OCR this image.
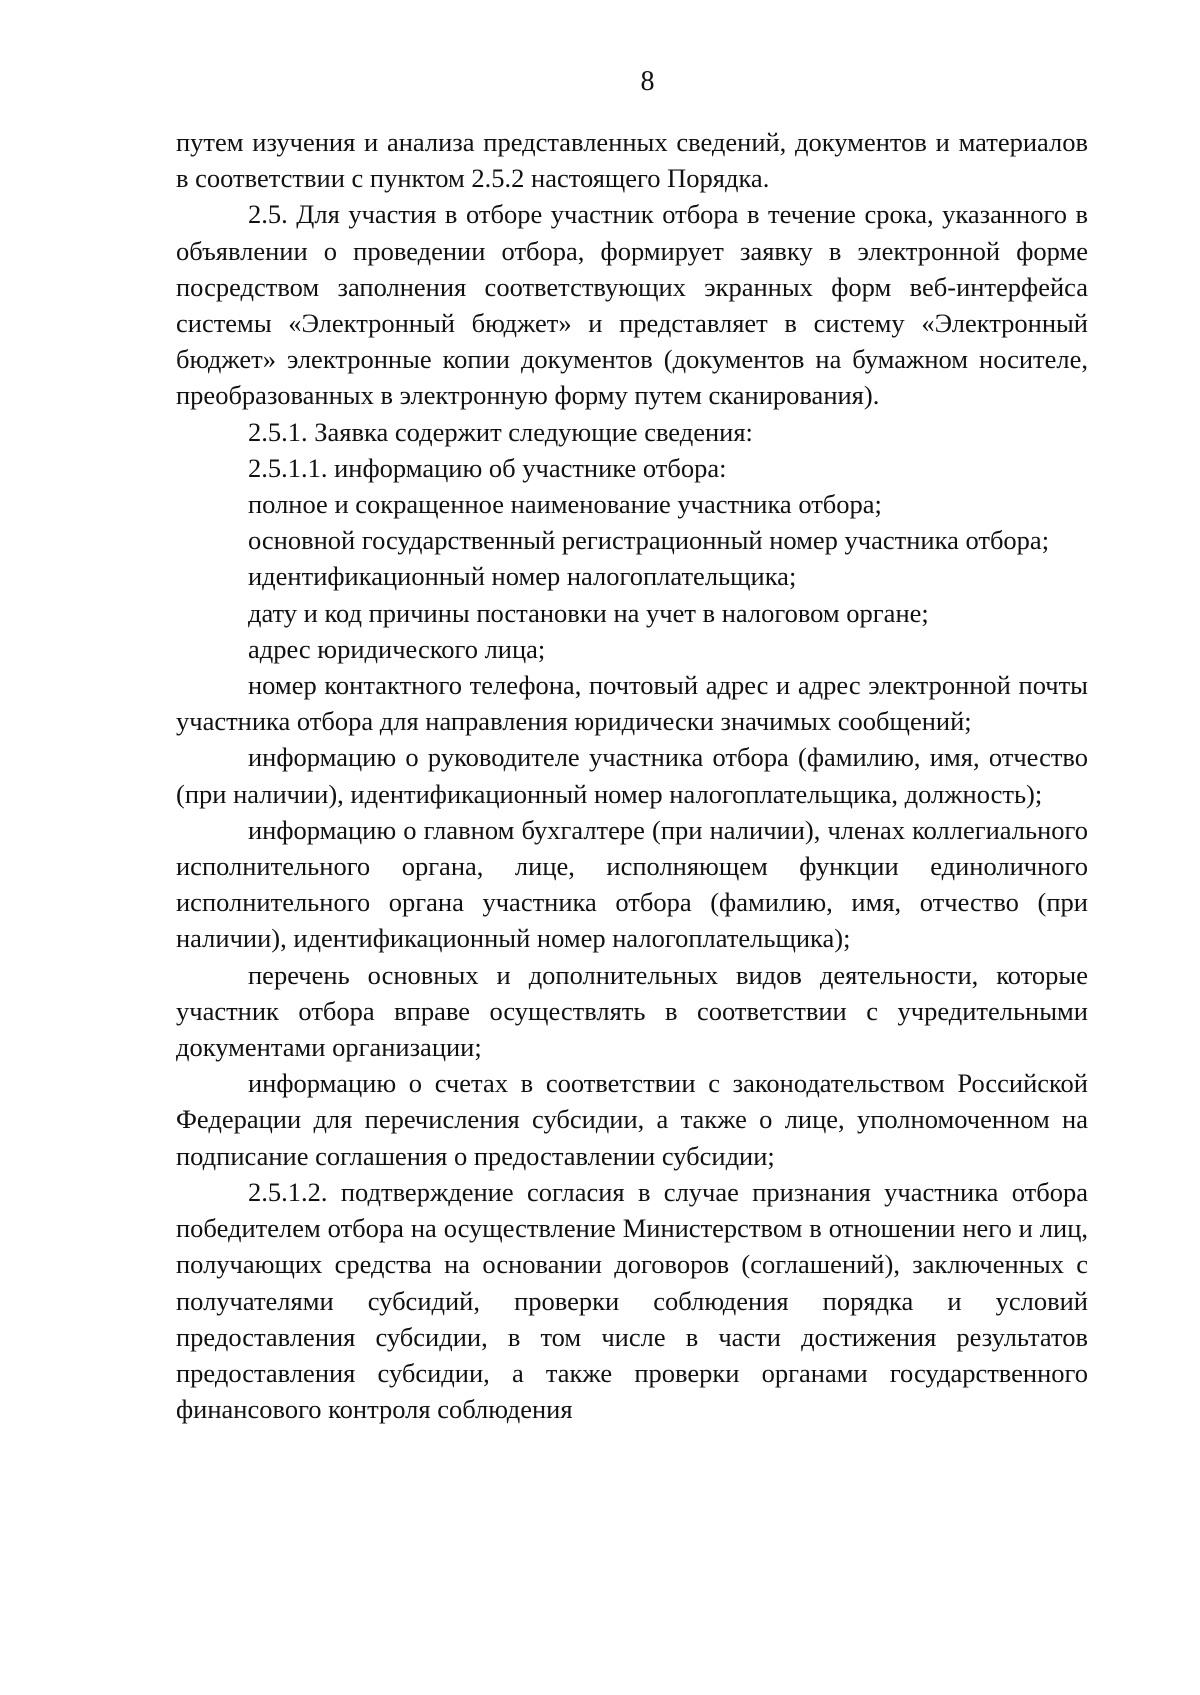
8

путем изучения и анализа представленных сведений, документов и материалов в соответствии с пунктом 2.5.2 настоящего Порядка.

2.5. Для участия в отборе участник отбора в течение срока, указанного в объявлении о проведении отбора, формирует заявку в электронной форме посредством заполнения соответствующих экранных форм веб-интерфейса системы «Электронный бюджет» и представляет в систему «Электронный бюджет» электронные копии документов (документов на бумажном носителе, преобразованных в электронную форму путем сканирования).

2.5.1. Заявка содержит следующие сведения:

2.5.1.1. информацию об участнике отбора:

полное и сокращенное наименование участника отбора;

основной государственный регистрационный номер участника отбора;

идентификационный номер налогоплательщика;

дату и код причины постановки на учет в налоговом органе;

адрес юридического лица;

номер контактного телефона, почтовый адрес и адрес электронной почты участника отбора для направления юридически значимых сообщений;

информацию о руководителе участника отбора (фамилию, имя, отчество (при наличии), идентификационный номер налогоплательщика, должность);

информацию о главном бухгалтере (при наличии), членах коллегиального исполнительного органа, лице, исполняющем функции единоличного исполнительного органа участника отбора (фамилию, имя, отчество (при наличии), идентификационный номер налогоплательщика);

перечень основных и дополнительных видов деятельности, которые участник отбора вправе осуществлять в соответствии с учредительными документами организации;

информацию о счетах в соответствии с законодательством Российской Федерации для перечисления субсидии, а также о лице, уполномоченном на подписание соглашения о предоставлении субсидии;

2.5.1.2. подтверждение согласия в случае признания участника отбора победителем отбора на осуществление Министерством в отношении него и лиц, получающих средства на основании договоров (соглашений), заключенных с получателями субсидий, проверки соблюдения порядка и условий предоставления субсидии, в том числе в части достижения результатов предоставления субсидии, а также проверки органами государственного финансового контроля соблюдения
